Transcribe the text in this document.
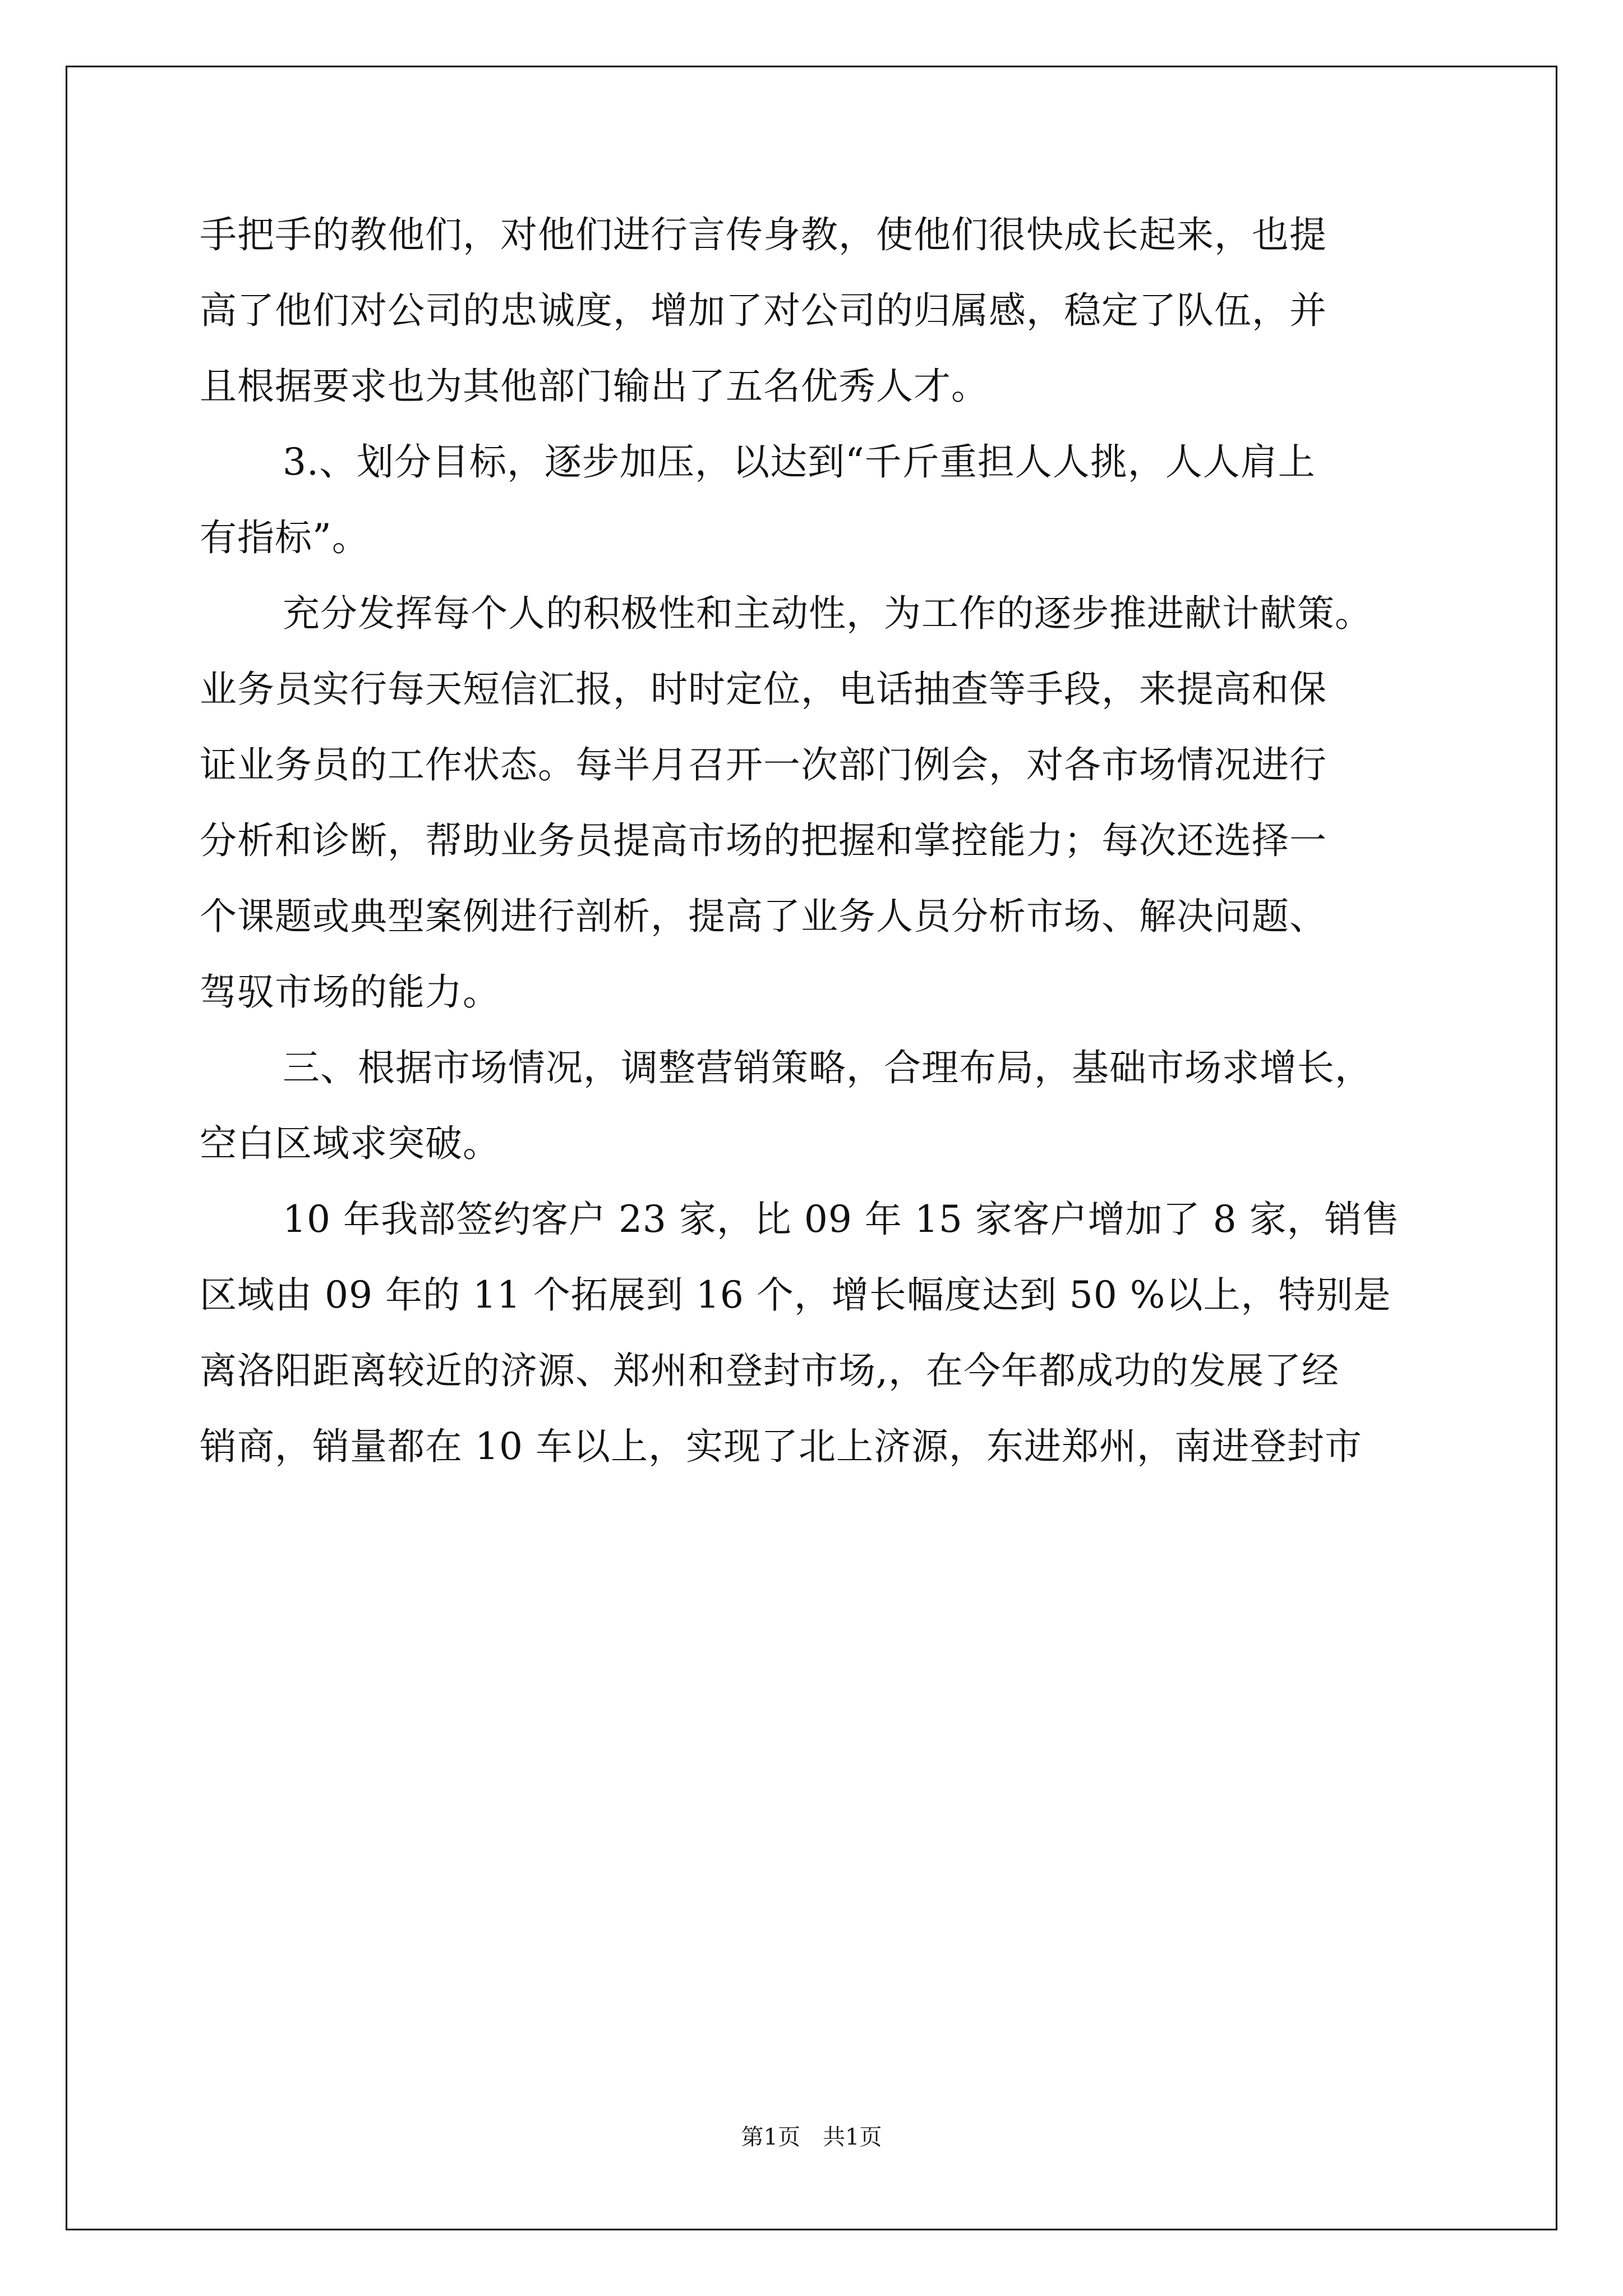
手把手的教他们，对他们进行言传身教，使他们很快成长起来，也提
高了他们对公司的忠诚度，增加了对公司的归属感，稳定了队伍，并
且根据要求也为其他部门输出了五名优秀人才。
3.、划分目标，逐步加压，以达到“千斤重担人人挑，人人肩上
有指标”。
充分发挥每个人的积极性和主动性，为工作的逐步推进献计献策。
业务员实行每天短信汇报，时时定位，电话抽查等手段，来提高和保
证业务员的工作状态。每半月召开一次部门例会，对各市场情况进行
分析和诊断，帮助业务员提高市场的把握和掌控能力；每次还选择一
个课题或典型案例进行剖析，提高了业务人员分析市场、解决问题、
驾驭市场的能力。
三、根据市场情况，调整营销策略，合理布局，基础市场求增长，
空白区域求突破。
10 年我部签约客户 23 家，比 09 年 15 家客户增加了 8 家，销售
区域由 09 年的 11 个拓展到 16 个，增长幅度达到 50 %以上，特别是
离洛阳距离较近的济源、郑州和登封市场,，在今年都成功的发展了经
销商，销量都在 10 车以上，实现了北上济源，东进郑州，南进登封市
第1页　共1页
